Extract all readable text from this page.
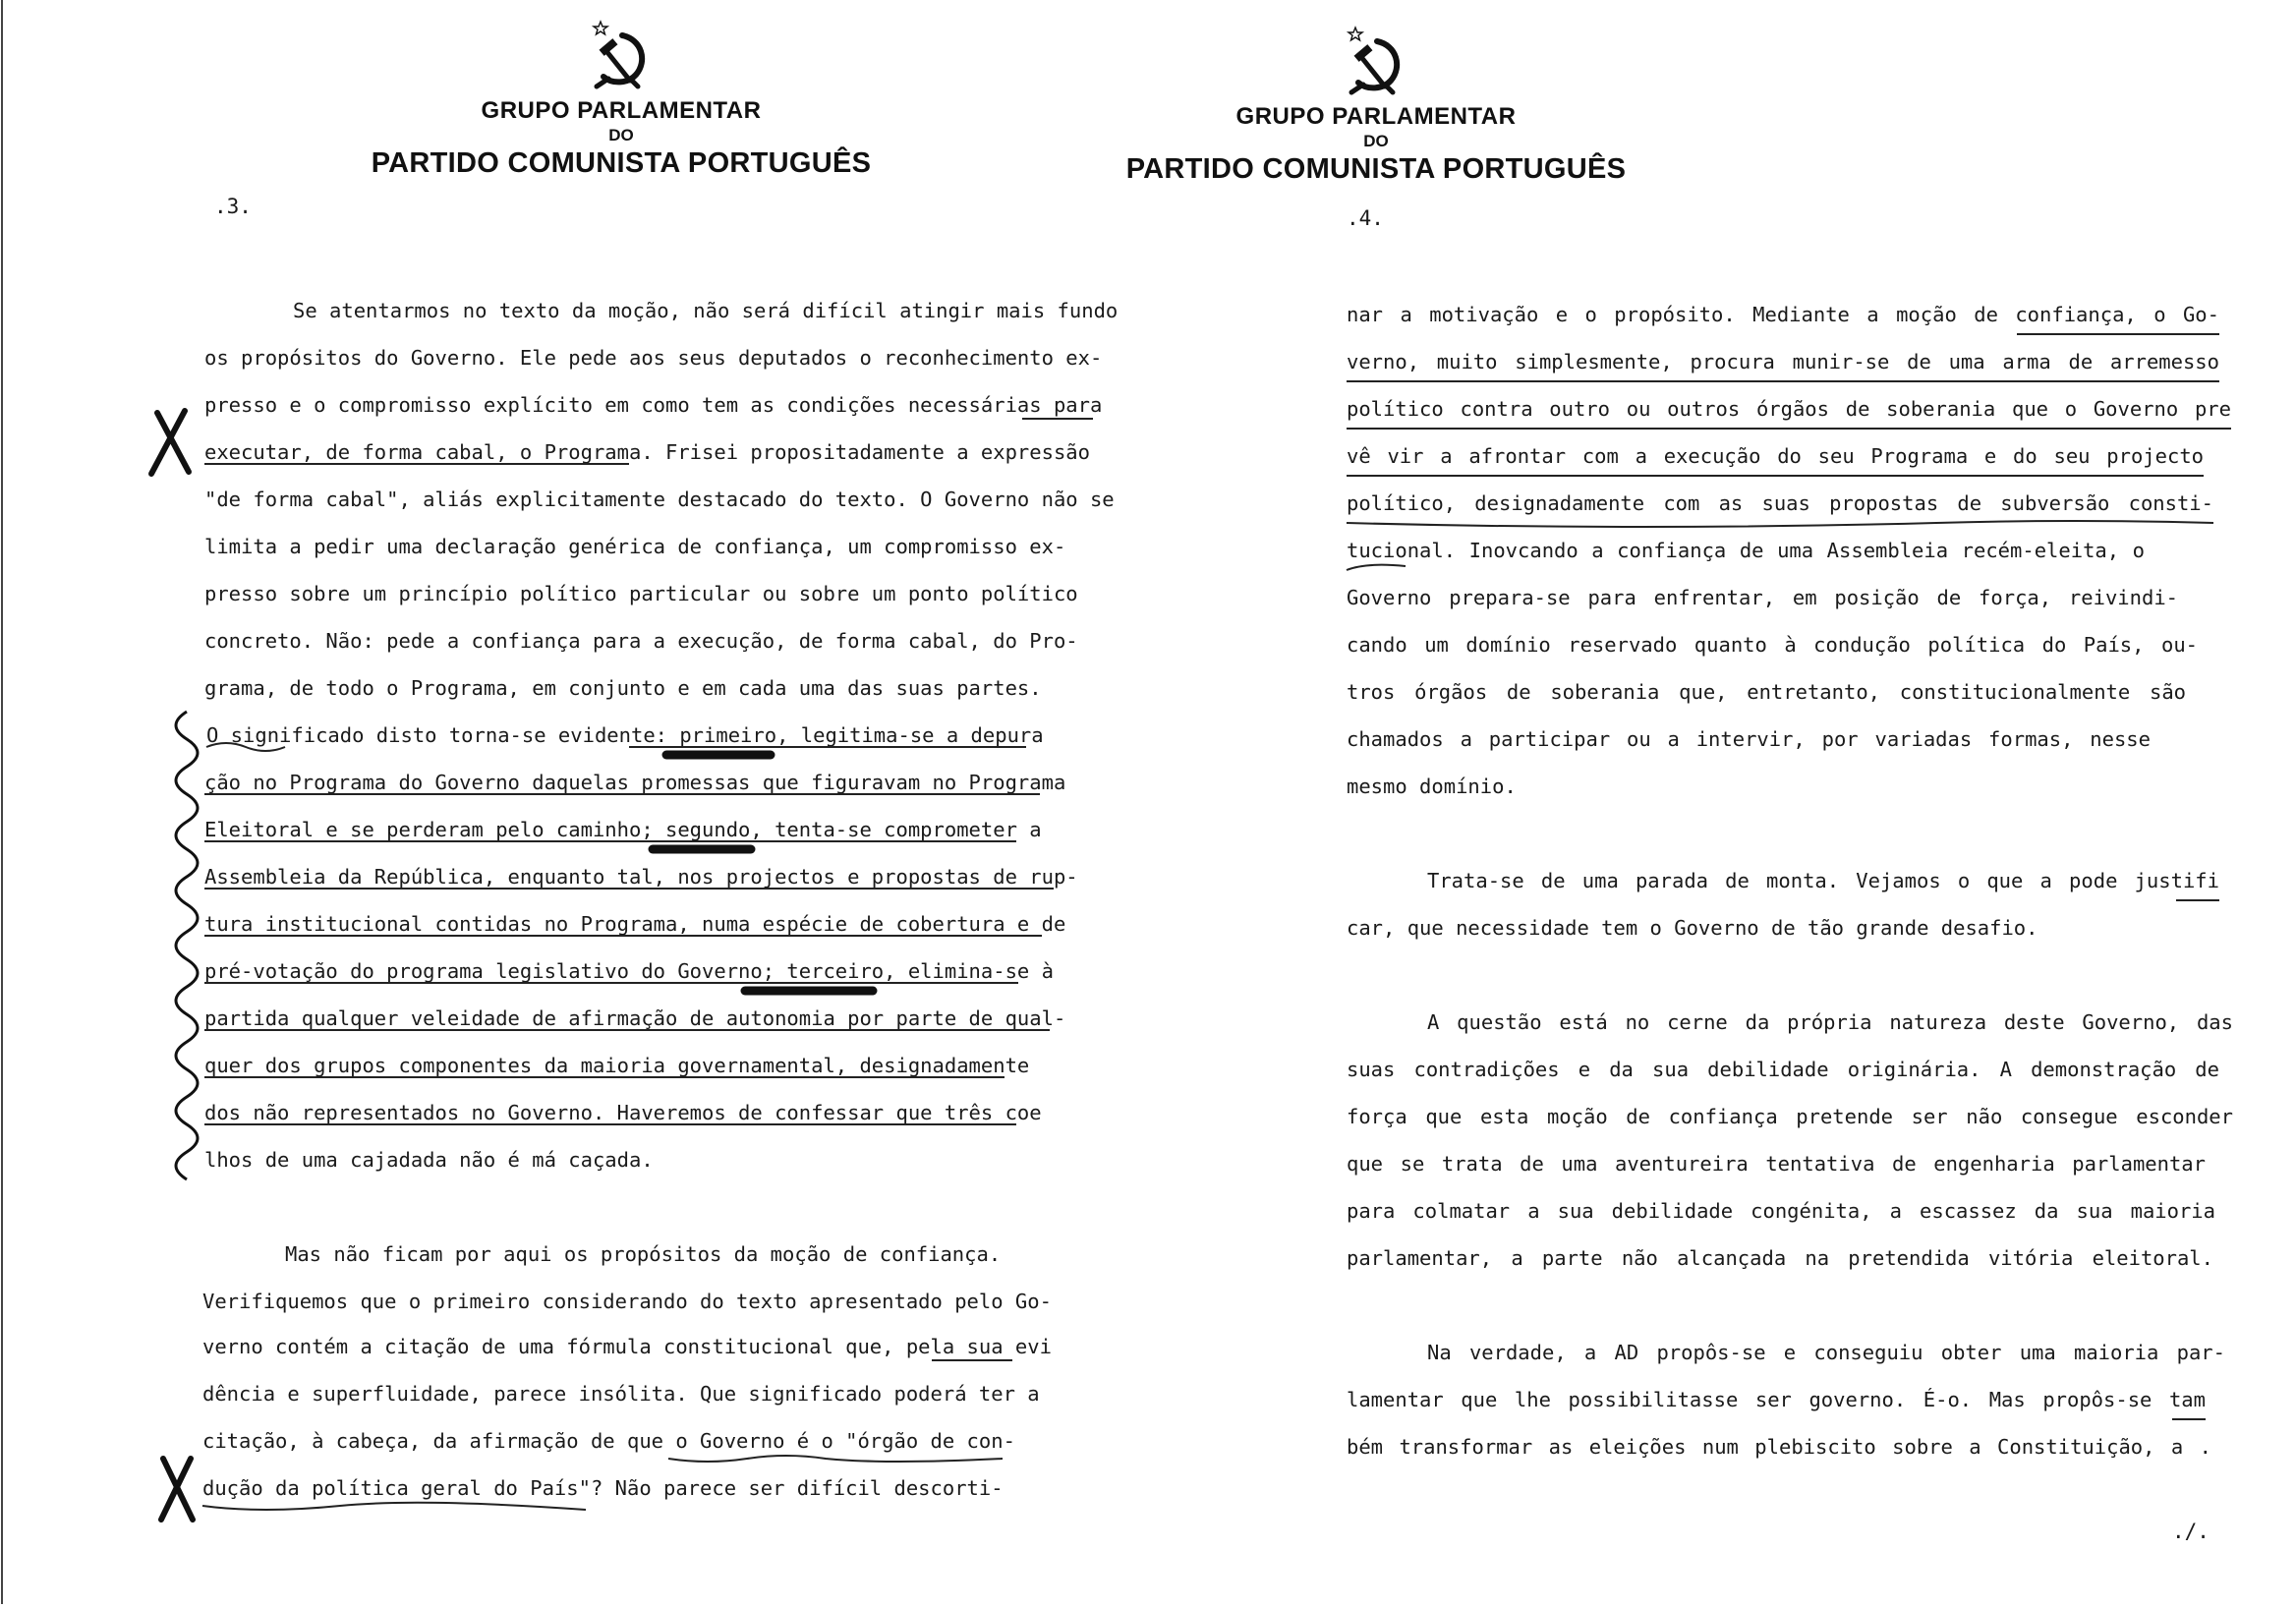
GRUPO PARLAMENTAR
DO
PARTIDO COMUNISTA PORTUGUÊS
.3.
Se atentarmos no texto da moção, não será difícil atingir mais fundo
os propósitos do Governo. Ele pede aos seus deputados o reconhecimento ex-
presso e o compromisso explícito em como tem as condições necessárias para
executar, de forma cabal, o Programa. Frisei propositadamente a expressão
"de forma cabal", aliás explicitamente destacado do texto. O Governo não se
limita a pedir uma declaração genérica de confiança, um compromisso ex-
presso sobre um princípio político particular ou sobre um ponto político
concreto. Não: pede a confiança para a execução, de forma cabal, do Pro-
grama, de todo o Programa, em conjunto e em cada uma das suas partes.
O significado disto torna-se evidente: primeiro, legitima-se a depura
ção no Programa do Governo daquelas promessas que figuravam no Programa
Eleitoral e se perderam pelo caminho; segundo, tenta-se comprometer a
Assembleia da República, enquanto tal, nos projectos e propostas de rup-
tura institucional contidas no Programa, numa espécie de cobertura e de
pré-votação do programa legislativo do Governo; terceiro, elimina-se à
partida qualquer veleidade de afirmação de autonomia por parte de qual-
quer dos grupos componentes da maioria governamental, designadamente
dos não representados no Governo. Haveremos de confessar que três coe
lhos de uma cajadada não é má caçada.
Mas não ficam por aqui os propósitos da moção de confiança.
Verifiquemos que o primeiro considerando do texto apresentado pelo Go-
verno contém a citação de uma fórmula constitucional que, pela sua evi
dência e superfluidade, parece insólita. Que significado poderá ter a
citação, à cabeça, da afirmação de que o Governo é o "órgão de con-
dução da política geral do País"? Não parece ser difícil descorti-
GRUPO PARLAMENTAR
DO
PARTIDO COMUNISTA PORTUGUÊS
.4.
nar a motivação e o propósito. Mediante a moção de confiança, o Go-
verno, muito simplesmente, procura munir-se de uma arma de arremesso
político contra outro ou outros órgãos de soberania que o Governo pre
vê vir a afrontar com a execução do seu Programa e do seu projecto
político, designadamente com as suas propostas de subversão consti-
tucional. Inovcando a confiança de uma Assembleia recém-eleita, o
Governo prepara-se para enfrentar, em posição de força, reivindi-
cando um domínio reservado quanto à condução política do País, ou-
tros órgãos de soberania que, entretanto, constitucionalmente são
chamados a participar ou a intervir, por variadas formas, nesse
mesmo domínio.
Trata-se de uma parada de monta. Vejamos o que a pode justifi
car, que necessidade tem o Governo de tão grande desafio.
A questão está no cerne da própria natureza deste Governo, das
suas contradições e da sua debilidade originária. A demonstração de
força que esta moção de confiança pretende ser não consegue esconder
que se trata de uma aventureira tentativa de engenharia parlamentar
para colmatar a sua debilidade congénita, a escassez da sua maioria
parlamentar, a parte não alcançada na pretendida vitória eleitoral.
Na verdade, a AD propôs-se e conseguiu obter uma maioria par-
lamentar que lhe possibilitasse ser governo. É-o. Mas propôs-se tam
bém transformar as eleições num plebiscito sobre a Constituição, a .
./.
